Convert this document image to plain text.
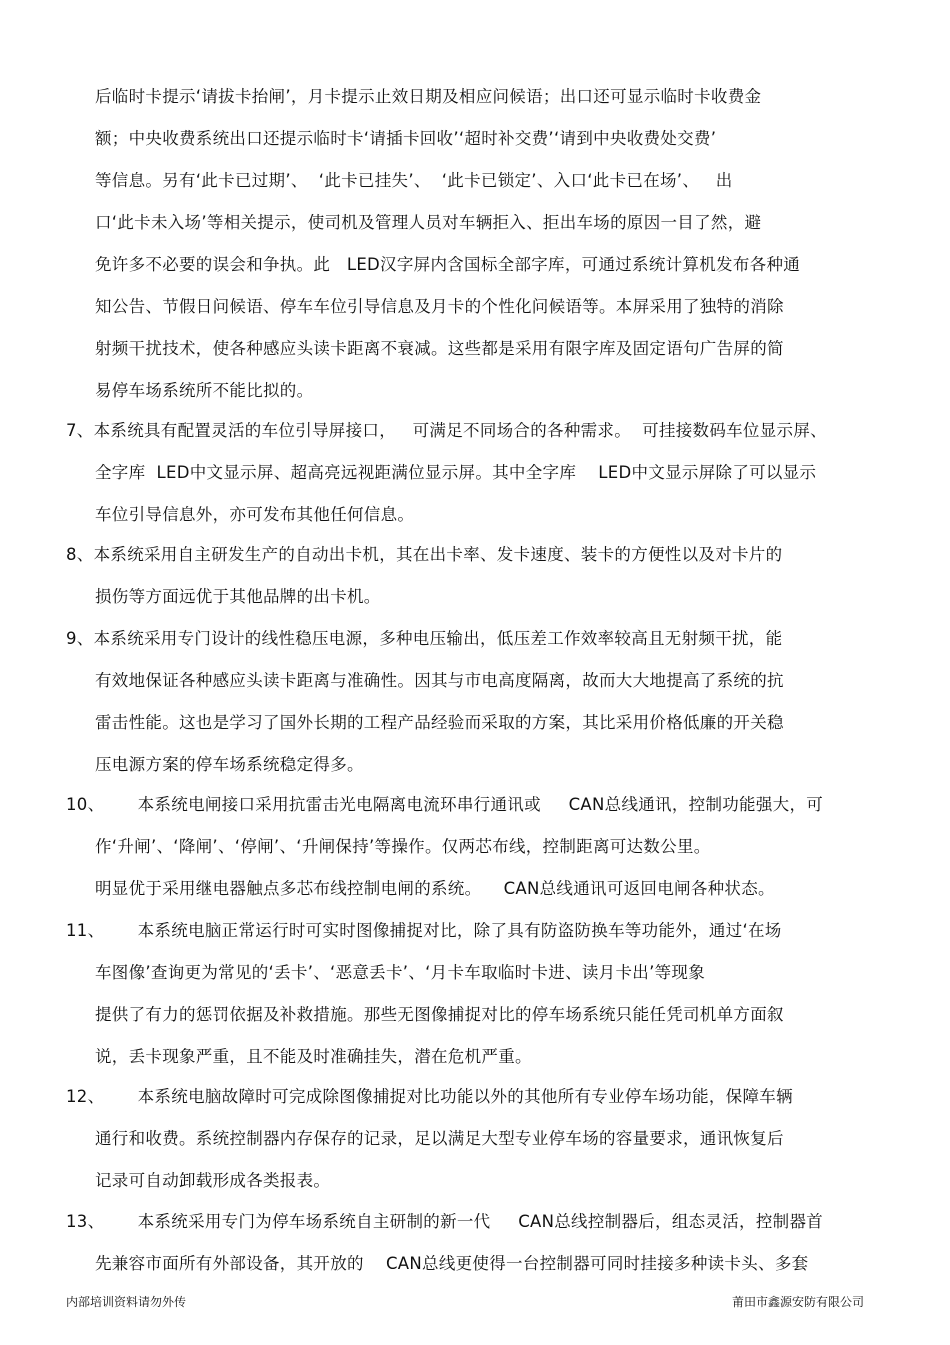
后临时卡提示‘请拔卡抬闸’，月卡提示止效日期及相应问候语；出口还可显示临时卡收费金
额；中央收费系统出口还提示临时卡‘请插卡回收’‘超时补交费’‘请到中央收费处交费’
等信息。另有‘此卡已过期’、  ‘此卡已挂失’、  ‘此卡已锁定’、入口‘此卡已在场’、   出
口‘此卡未入场’等相关提示，使司机及管理人员对车辆拒入、拒出车场的原因一目了然，避
免许多不必要的误会和争执。此   LED汉字屏内含国标全部字库，可通过系统计算机发布各种通
知公告、节假日问候语、停车车位引导信息及月卡的个性化问候语等。本屏采用了独特的消除
射频干扰技术，使各种感应头读卡距离不衰减。这些都是采用有限字库及固定语句广告屏的简
易停车场系统所不能比拟的。
7、本系统具有配置灵活的车位引导屏接口，   可满足不同场合的各种需求。  可挂接数码车位显示屏、
全字库  LED中文显示屏、超高亮远视距满位显示屏。其中全字库    LED中文显示屏除了可以显示
车位引导信息外，亦可发布其他任何信息。
8、本系统采用自主研发生产的自动出卡机，其在出卡率、发卡速度、装卡的方便性以及对卡片的
损伤等方面远优于其他品牌的出卡机。
9、本系统采用专门设计的线性稳压电源，多种电压输出，低压差工作效率较高且无射频干扰，能
有效地保证各种感应头读卡距离与准确性。因其与市电高度隔离，故而大大地提高了系统的抗
雷击性能。这也是学习了国外长期的工程产品经验而采取的方案，其比采用价格低廉的开关稳
压电源方案的停车场系统稳定得多。
10、      本系统电闸接口采用抗雷击光电隔离电流环串行通讯或     CAN总线通讯，控制功能强大，可
作‘升闸’、‘降闸’、‘停闸’、‘升闸保持’等操作。仅两芯布线，控制距离可达数公里。
明显优于采用继电器触点多芯布线控制电闸的系统。    CAN总线通讯可返回电闸各种状态。
11、      本系统电脑正常运行时可实时图像捕捉对比，除了具有防盗防换车等功能外，通过‘在场
车图像’查询更为常见的‘丢卡’、‘恶意丢卡’、‘月卡车取临时卡进、读月卡出’等现象
提供了有力的惩罚依据及补救措施。那些无图像捕捉对比的停车场系统只能任凭司机单方面叙
说，丢卡现象严重，且不能及时准确挂失，潜在危机严重。
12、      本系统电脑故障时可完成除图像捕捉对比功能以外的其他所有专业停车场功能，保障车辆
通行和收费。系统控制器内存保存的记录，足以满足大型专业停车场的容量要求，通讯恢复后
记录可自动卸载形成各类报表。
13、      本系统采用专门为停车场系统自主研制的新一代     CAN总线控制器后，组态灵活，控制器首
先兼容市面所有外部设备，其开放的    CAN总线更使得一台控制器可同时挂接多种读卡头、多套
内部培训资料请勿外传	莆田市鑫源安防有限公司
